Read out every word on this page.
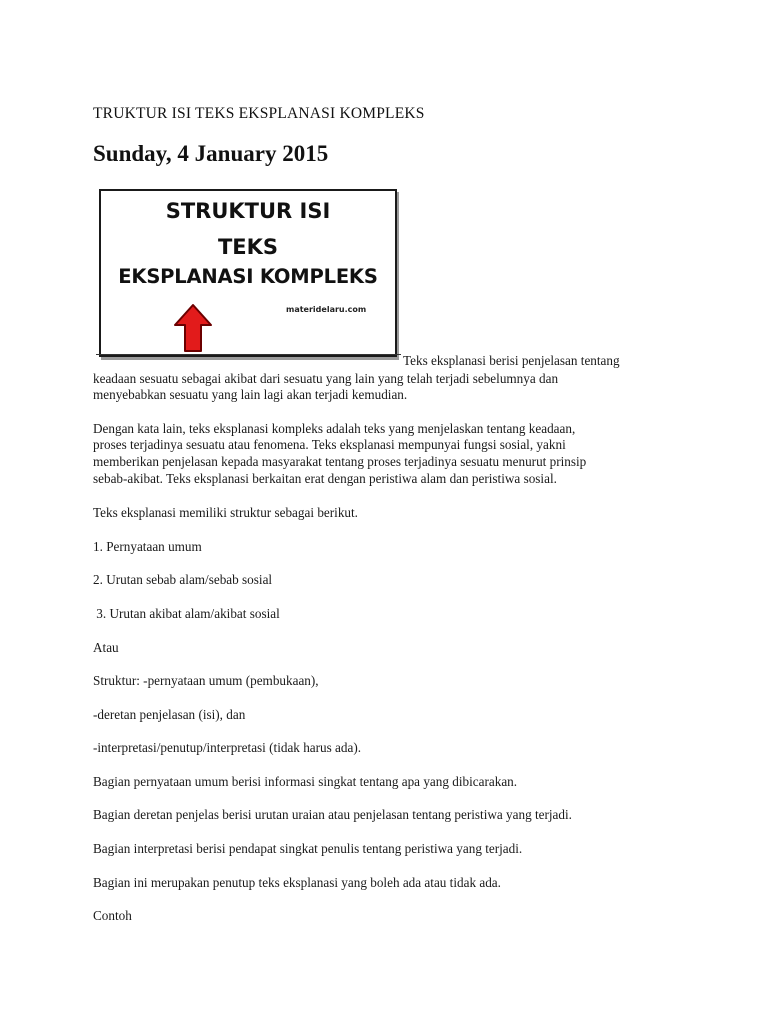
TRUKTUR ISI TEKS EKSPLANASI KOMPLEKS
Sunday, 4 January 2015
STRUKTUR ISI
TEKS
EKSPLANASI KOMPLEKS
materidelaru.com
Teks eksplanasi berisi penjelasan tentang

keadaan sesuatu sebagai akibat dari sesuatu yang lain yang telah terjadi sebelumnya dan

menyebabkan sesuatu yang lain lagi akan terjadi kemudian.

Dengan kata lain, teks eksplanasi kompleks adalah teks yang menjelaskan tentang keadaan,

proses terjadinya sesuatu atau fenomena. Teks eksplanasi mempunyai fungsi sosial, yakni

memberikan penjelasan kepada masyarakat tentang proses terjadinya sesuatu menurut prinsip

sebab-akibat. Teks eksplanasi berkaitan erat dengan peristiwa alam dan peristiwa sosial.

Teks eksplanasi memiliki struktur sebagai berikut.

1. Pernyataan umum

2. Urutan sebab alam/sebab sosial

3. Urutan akibat alam/akibat sosial

Atau

Struktur: -pernyataan umum (pembukaan),

-deretan penjelasan (isi), dan

-interpretasi/penutup/interpretasi (tidak harus ada).

Bagian pernyataan umum berisi informasi singkat tentang apa yang dibicarakan.

Bagian deretan penjelas berisi urutan uraian atau penjelasan tentang peristiwa yang terjadi.

Bagian interpretasi berisi pendapat singkat penulis tentang peristiwa yang terjadi.

Bagian ini merupakan penutup teks eksplanasi yang boleh ada atau tidak ada.

Contoh
